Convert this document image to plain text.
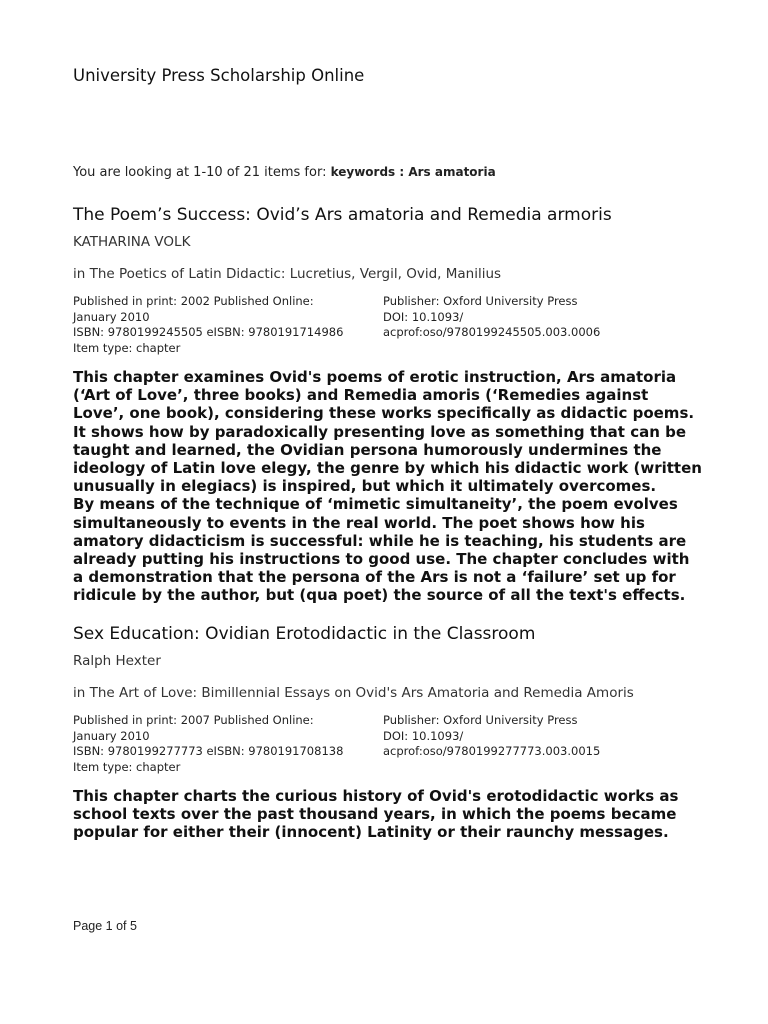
University Press Scholarship Online
You are looking at 1-10 of 21 items for: keywords : Ars amatoria
The Poem’s Success: Ovid’s Ars amatoria and Remedia armoris
KATHARINA VOLK
in The Poetics of Latin Didactic: Lucretius, Vergil, Ovid, Manilius
Published in print: 2002 Published Online:
January 2010
ISBN: 9780199245505 eISBN: 9780191714986
Item type: chapter
Publisher: Oxford University Press
DOI: 10.1093/
acprof:oso/9780199245505.003.0006

This chapter examines Ovid's poems of erotic instruction, Ars amatoria (‘Art of Love’, three books) and Remedia amoris (‘Remedies against Love’, one book), considering these works specifically as didactic poems. It shows how by paradoxically presenting love as something that can be taught and learned, the Ovidian persona humorously undermines the ideology of Latin love elegy, the genre by which his didactic work (written unusually in elegiacs) is inspired, but which it ultimately overcomes.

By means of the technique of ‘mimetic simultaneity’, the poem evolves simultaneously to events in the real world. The poet shows how his amatory didacticism is successful: while he is teaching, his students are already putting his instructions to good use. The chapter concludes with a demonstration that the persona of the Ars is not a ‘failure’ set up for ridicule by the author, but (qua poet) the source of all the text's effects.

Sex Education: Ovidian Erotodidactic in the Classroom
Ralph Hexter
in The Art of Love: Bimillennial Essays on Ovid's Ars Amatoria and Remedia Amoris
Published in print: 2007 Published Online:
January 2010
ISBN: 9780199277773 eISBN: 9780191708138
Item type: chapter
Publisher: Oxford University Press
DOI: 10.1093/
acprof:oso/9780199277773.003.0015

This chapter charts the curious history of Ovid's erotodidactic works as school texts over the past thousand years, in which the poems became popular for either their (innocent) Latinity or their raunchy messages.

Page 1 of 5
